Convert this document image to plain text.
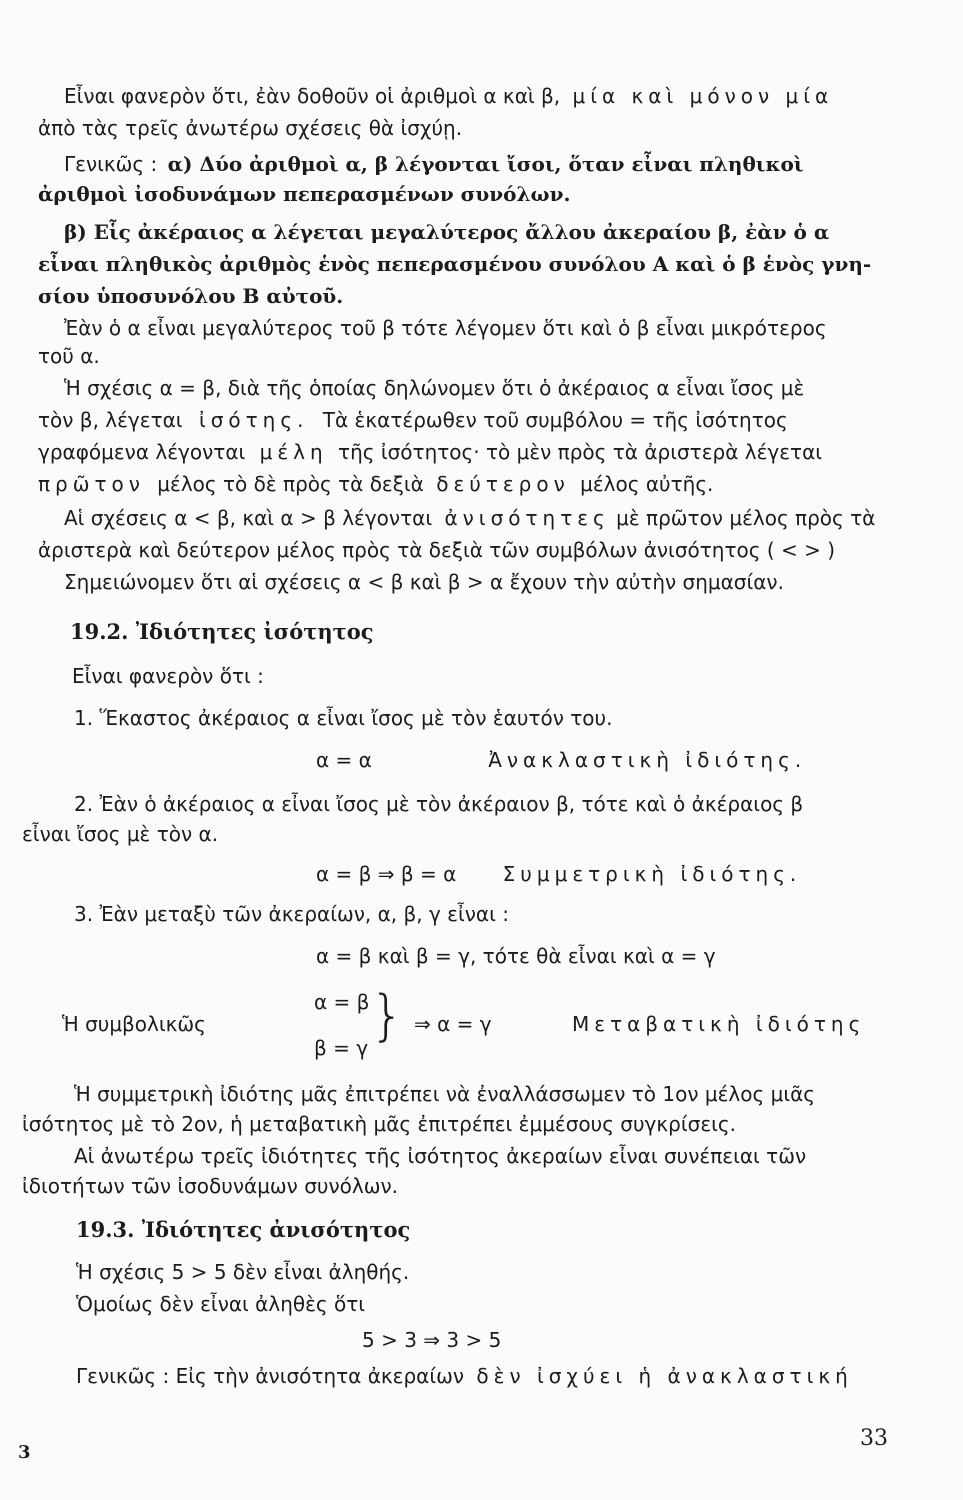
Εἶναι φανερὸν ὅτι, ἐὰν δοθοῦν οἱ ἀριθμοὶ α καὶ β, μία καὶ μόνον μία
ἀπὸ τὰς τρεῖς ἀνωτέρω σχέσεις θὰ ἰσχύῃ.
Γενικῶς : α) Δύο ἀριθμοὶ α, β λέγονται ἴσοι, ὅταν εἶναι πληθικοὶ
ἀριθμοὶ ἰσοδυνάμων πεπερασμένων συνόλων.
β) Εἷς ἀκέραιος α λέγεται μεγαλύτερος ἄλλου ἀκεραίου β, ἐὰν ὁ α
εἶναι πληθικὸς ἀριθμὸς ἑνὸς πεπερασμένου συνόλου Α καὶ ὁ β ἑνὸς γνη-
σίου ὑποσυνόλου Β αὐτοῦ.
Ἐὰν ὁ α εἶναι μεγαλύτερος τοῦ β τότε λέγομεν ὅτι καὶ ὁ β εἶναι μικρότερος
τοῦ α.
Ἡ σχέσις α = β, διὰ τῆς ὁποίας δηλώνομεν ὅτι ὁ ἀκέραιος α εἶναι ἴσος μὲ
τὸν β, λέγεται ἰσότης. Τὰ ἑκατέρωθεν τοῦ συμβόλου = τῆς ἰσότητος
γραφόμενα λέγονται μέλη τῆς ἰσότητος· τὸ μὲν πρὸς τὰ ἀριστερὰ λέγεται
πρῶτον μέλος τὸ δὲ πρὸς τὰ δεξιὰ δεύτερον μέλος αὐτῆς.
Αἱ σχέσεις α < β, καὶ α > β λέγονται ἀνισότητες μὲ πρῶτον μέλος πρὸς τὰ
ἀριστερὰ καὶ δεύτερον μέλος πρὸς τὰ δεξιὰ τῶν συμβόλων ἀνισότητος ( < > )
Σημειώνομεν ὅτι αἱ σχέσεις α < β καὶ β > α ἔχουν τὴν αὐτὴν σημασίαν.
19.2. Ἰδιότητες ἰσότητος
Εἶναι φανερὸν ὅτι :
1. Ἕκαστος ἀκέραιος α εἶναι ἴσος μὲ τὸν ἑαυτόν του.
α = α	Ἀνακλαστικὴ ἰδιότης.
2. Ἐὰν ὁ ἀκέραιος α εἶναι ἴσος μὲ τὸν ἀκέραιον β, τότε καὶ ὁ ἀκέραιος β
εἶναι ἴσος μὲ τὸν α.
α = β ⇒ β = α Συμμετρικὴ ἰδιότης.
3. Ἐὰν μεταξὺ τῶν ἀκεραίων, α, β, γ εἶναι :
α = β καὶ β = γ, τότε θὰ εἶναι καὶ α = γ
Ἡ συμβολικῶς
α = β
β = γ
} ⇒ α = γ	Μεταβατικὴ ἰδιότης
Ἡ συμμετρικὴ ἰδιότης μᾶς ἐπιτρέπει νὰ ἐναλλάσσωμεν τὸ 1ον μέλος μιᾶς
ἰσότητος μὲ τὸ 2ον, ἡ μεταβατικὴ μᾶς ἐπιτρέπει ἐμμέσους συγκρίσεις.
Αἱ ἀνωτέρω τρεῖς ἰδιότητες τῆς ἰσότητος ἀκεραίων εἶναι συνέπειαι τῶν
ἰδιοτήτων τῶν ἰσοδυνάμων συνόλων.
19.3. Ἰδιότητες ἀνισότητος
Ἡ σχέσις 5 > 5 δὲν εἶναι ἀληθής.
Ὁμοίως δὲν εἶναι ἀληθὲς ὅτι
5 > 3 ⇒ 3 > 5
Γενικῶς : Εἰς τὴν ἀνισότητα ἀκεραίων δὲν ἰσχύει ἡ ἀνακλαστική
3
33
